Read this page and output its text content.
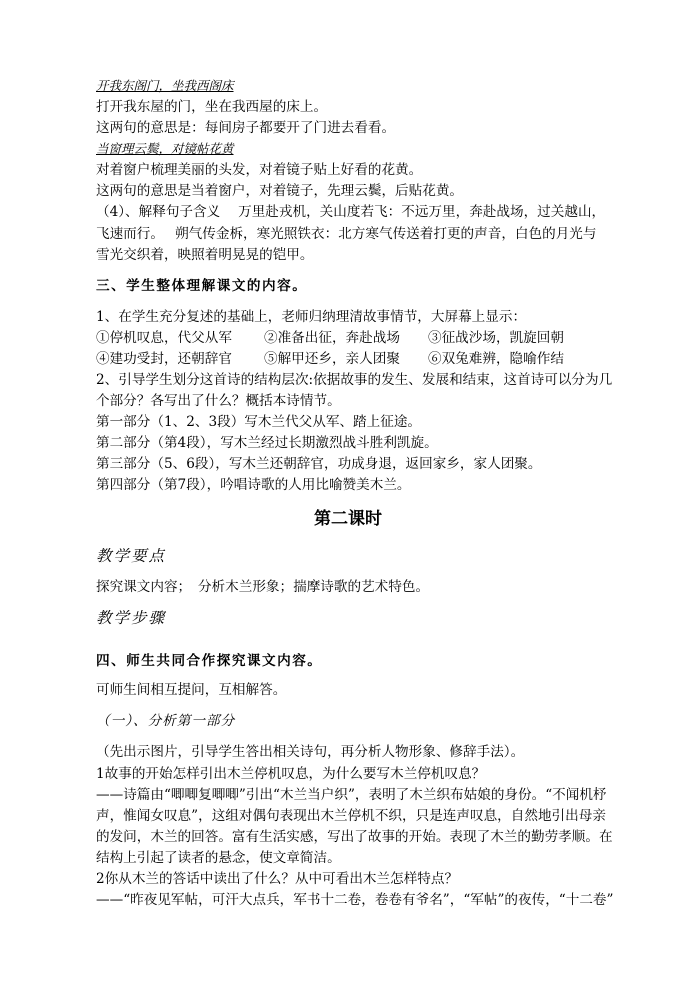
开我东阁门，坐我西阁床
打开我东屋的门，坐在我西屋的床上。
这两句的意思是：每间房子都要开了门进去看看。
当窗理云鬓，对镜帖花黄
对着窗户梳理美丽的头发，对着镜子贴上好看的花黄。
这两句的意思是当着窗户，对着镜子，先理云鬓，后贴花黄。
（4）、解释句子含义　 万里赴戎机，关山度若飞：不远万里，奔赴战场，过关越山，
飞速而行。　 朔气传金柝，寒光照铁衣：北方寒气传送着打更的声音，白色的月光与
雪光交织着，映照着明晃晃的铠甲。
三、学生整体理解课文的内容。
1、在学生充分复述的基础上，老师归纳理清故事情节，大屏幕上显示：
①停机叹息，代父从军 ②准备出征，奔赴战场 ③征战沙场，凯旋回朝
④建功受封，还朝辞官 ⑤解甲还乡，亲人团聚 ⑥双兔难辨，隐喻作结
2、引导学生划分这首诗的结构层次:依据故事的发生、发展和结束，这首诗可以分为几
个部分？各写出了什么？概括本诗情节。
第一部分（1、2、3段）写木兰代父从军、踏上征途。
第二部分（第4段），写木兰经过长期激烈战斗胜利凯旋。
第三部分（5、6段），写木兰还朝辞官，功成身退，返回家乡，家人团聚。
第四部分（第7段），吟唱诗歌的人用比喻赞美木兰。
第二课时
教学要点
探究课文内容；　分析木兰形象；揣摩诗歌的艺术特色。
教学步骤
四、师生共同合作探究课文内容。
可师生间相互提问，互相解答。
（一）、分析第一部分
（先出示图片，引导学生答出相关诗句，再分析人物形象、修辞手法）。
1故事的开始怎样引出木兰停机叹息，为什么要写木兰停机叹息？
——诗篇由“唧唧复唧唧”引出“木兰当户织”，表明了木兰织布姑娘的身份。“不闻机杼
声，惟闻女叹息”，这组对偶句表现出木兰停机不织，只是连声叹息，自然地引出母亲
的发问，木兰的回答。富有生活实感，写出了故事的开始。表现了木兰的勤劳孝顺。在
结构上引起了读者的悬念，使文章简洁。
2你从木兰的答话中读出了什么？从中可看出木兰怎样特点？
——“昨夜见军帖，可汗大点兵，军书十二卷，卷卷有爷名”，“军帖”的夜传，“十二卷”
